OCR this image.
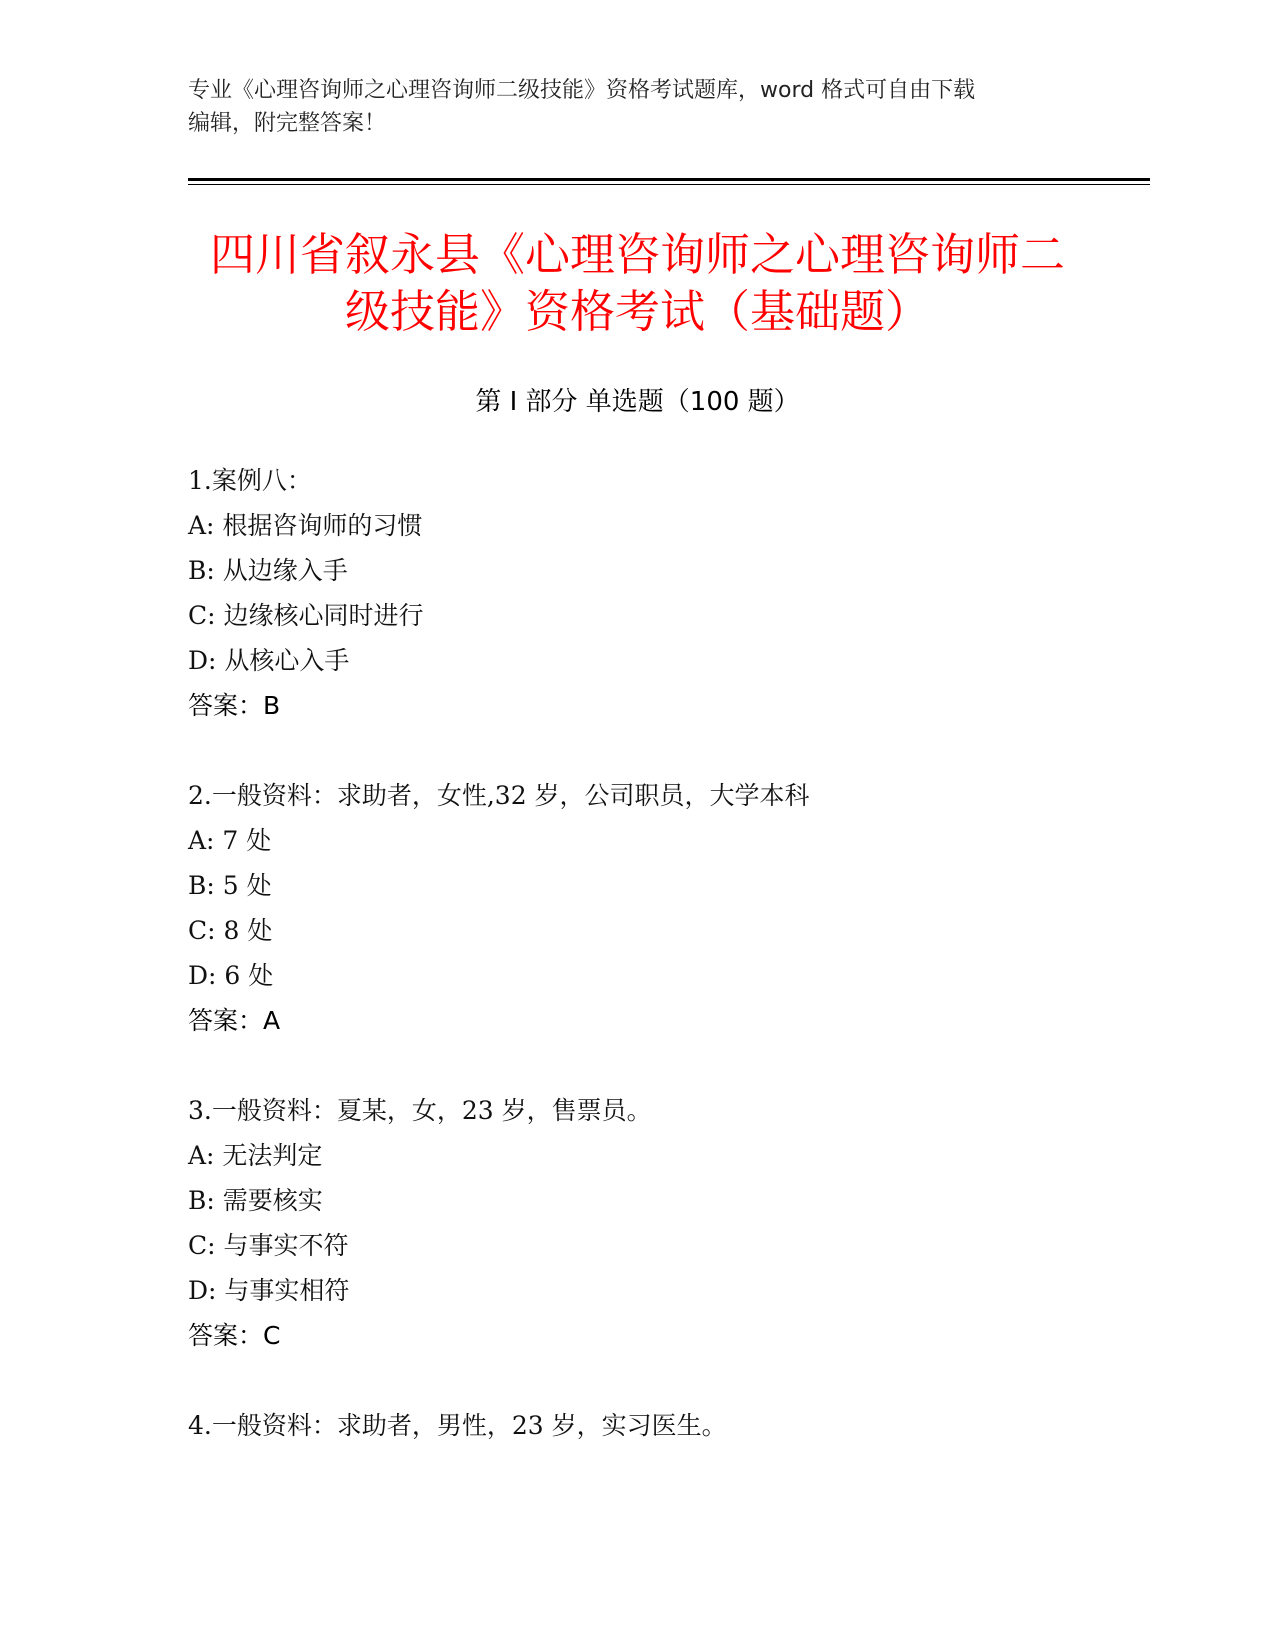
专业《心理咨询师之心理咨询师二级技能》资格考试题库，word 格式可自由下载
编辑，附完整答案！
四川省叙永县《心理咨询师之心理咨询师二
级技能》资格考试（基础题）
第 I 部分 单选题（100 题）
1.案例八：
A: 根据咨询师的习惯
B: 从边缘入手
C: 边缘核心同时进行
D: 从核心入手
答案：B
2.一般资料：求助者，女性,32 岁，公司职员，大学本科
A: 7 处
B: 5 处
C: 8 处
D: 6 处
答案：A
3.一般资料：夏某，女，23 岁，售票员。
A: 无法判定
B: 需要核实
C: 与事实不符
D: 与事实相符
答案：C
4.一般资料：求助者，男性，23 岁，实习医生。
